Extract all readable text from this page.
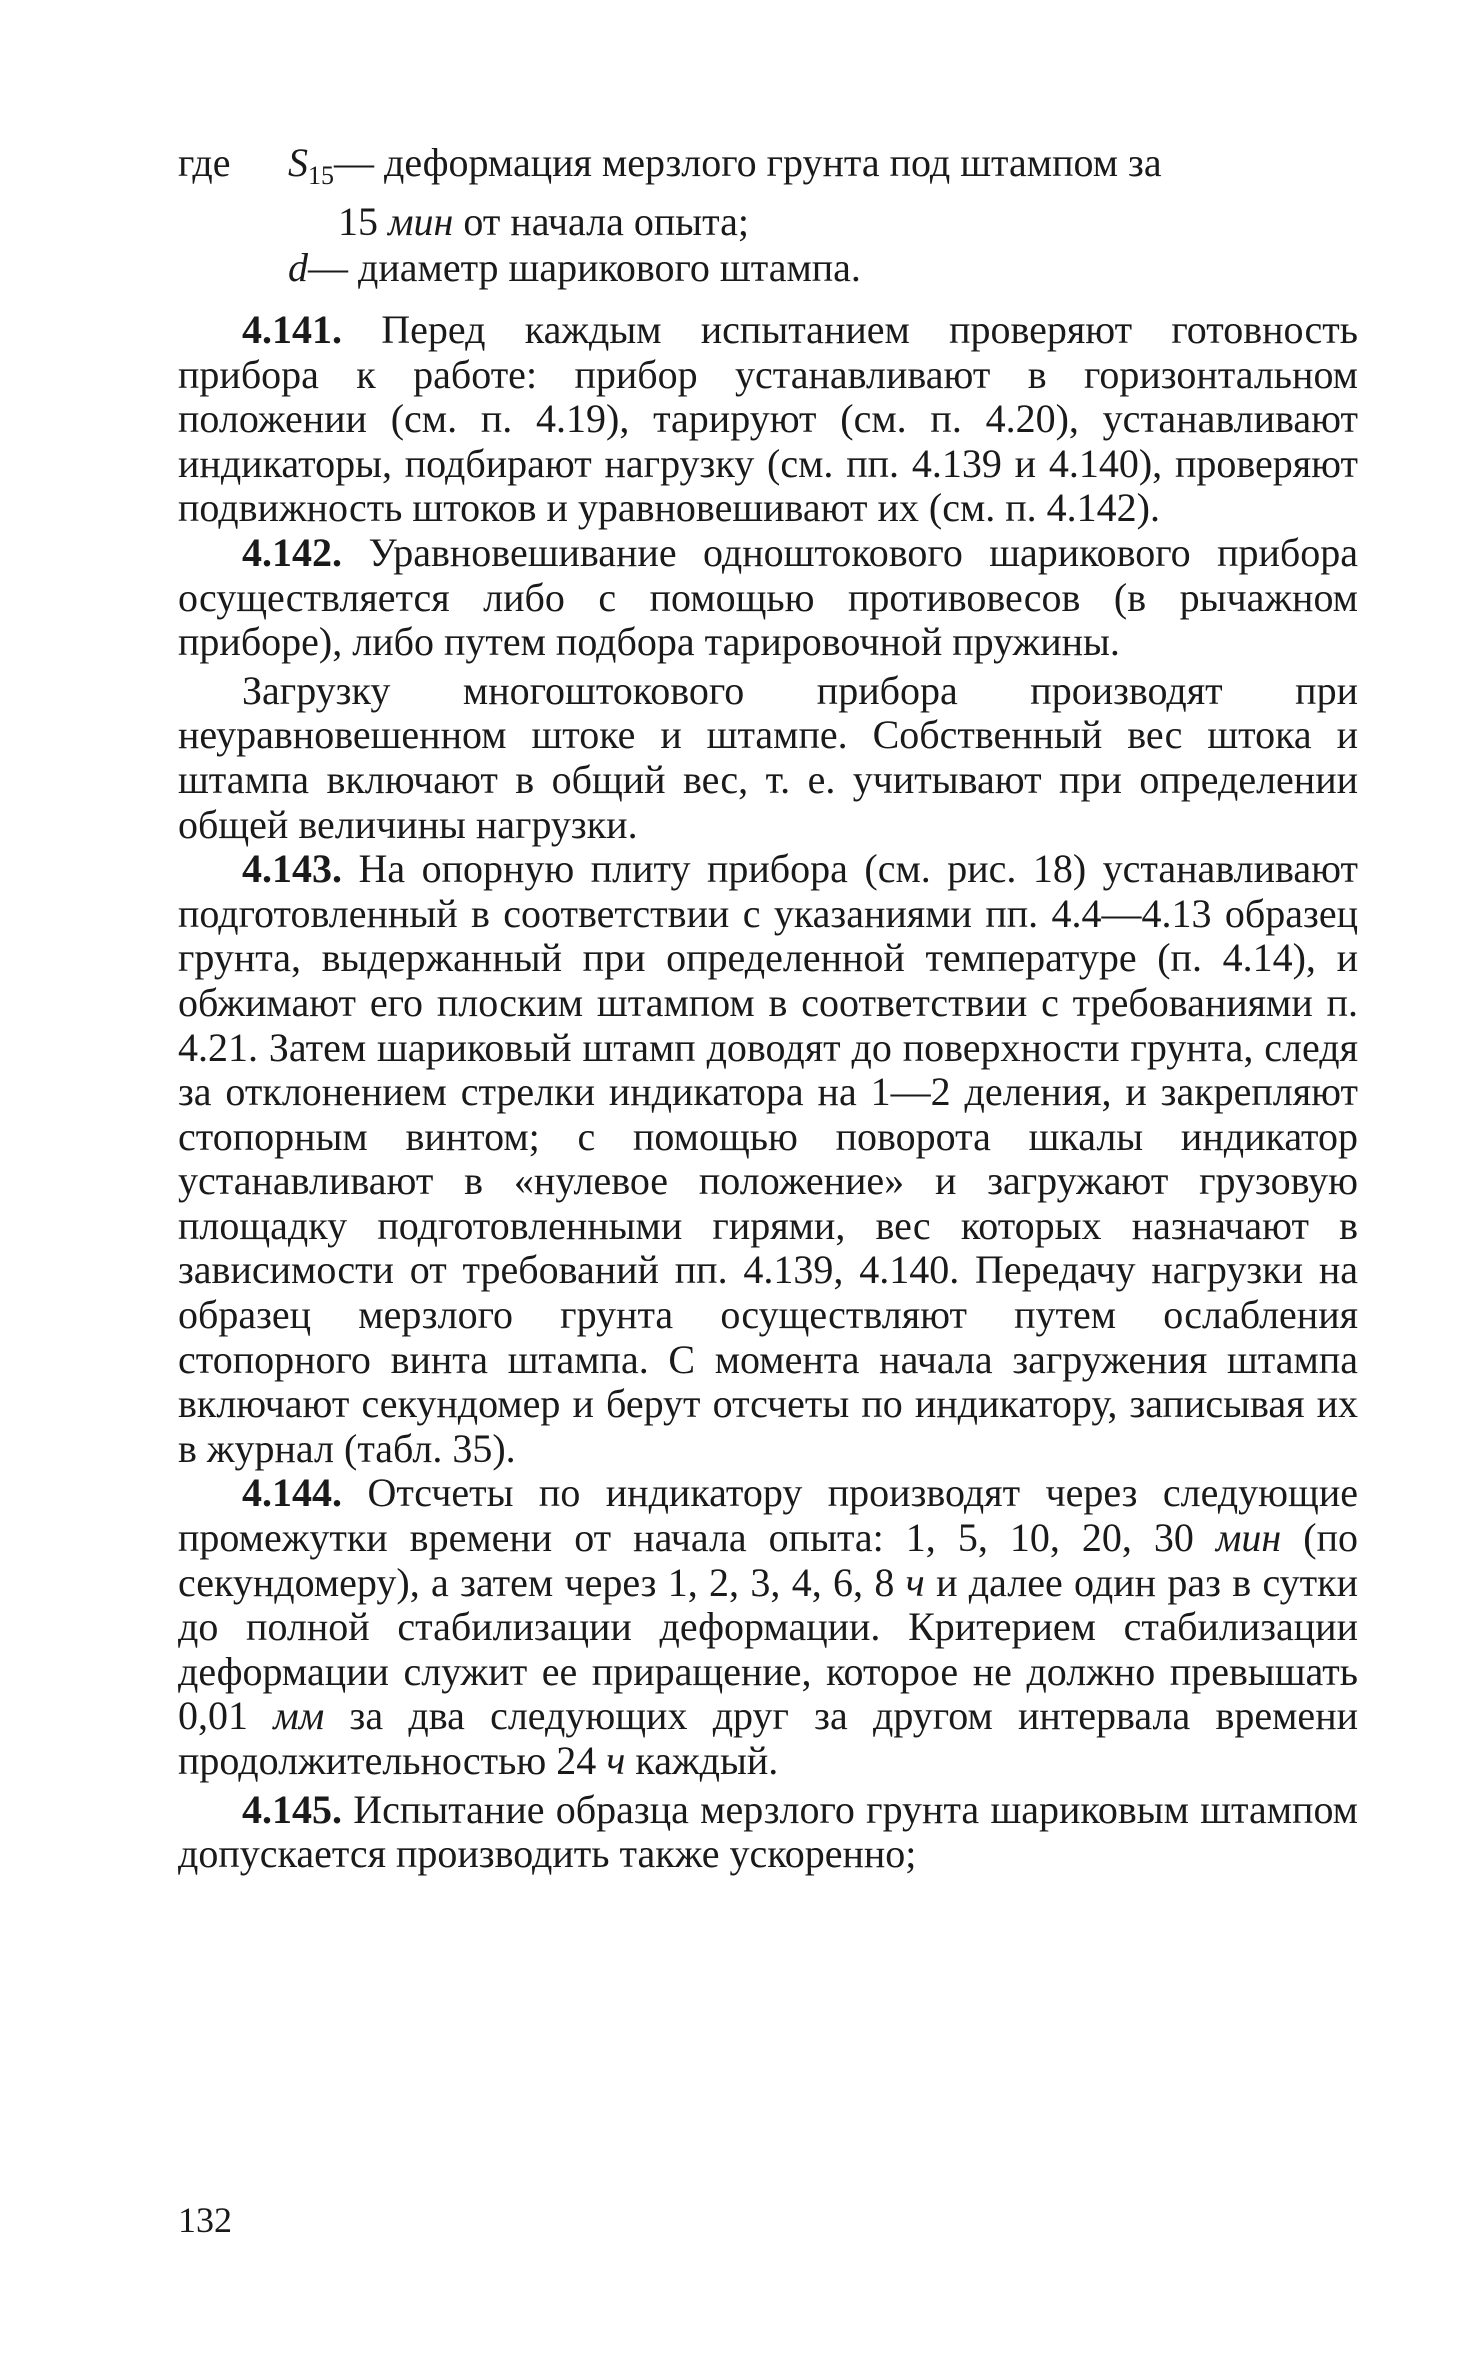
где $S_{15}—$ деформация мерзлого грунта под штампом за
15 мин от начала опыта;
d— диаметр шарикового штампа.

4.141. Перед каждым испытанием проверяют готовность прибора к работе: прибор устанавливают в горизонтальном положении (см. п. 4.19), тарируют (см. п. 4.20), устанавливают индикаторы, подбирают нагрузку (см. пп. 4.139 и 4.140), проверяют подвижность штоков и уравновешивают их (см. п. 4.142).

4.142. Уравновешивание одноштокового шарикового прибора осуществляется либо с помощью противовесов (в рычажном приборе), либо путем подбора тарировочной пружины.

Загрузку многоштокового прибора производят при неуравновешенном штоке и штампе. Собственный вес штока и штампа включают в общий вес, т. е. учитывают при определении общей величины нагрузки.

4.143. На опорную плиту прибора (см. рис. 18) устанавливают подготовленный в соответствии с указаниями пп. 4.4—4.13 образец грунта, выдержанный при определенной температуре (п. 4.14), и обжимают его плоским штампом в соответствии с требованиями п. 4.21. Затем шариковый штамп доводят до поверхности грунта, следя за отклонением стрелки индикатора на 1—2 деления, и закрепляют стопорным винтом; с помощью поворота шкалы индикатор устанавливают в «нулевое положение» и загружают грузовую площадку подготовленными гирями, вес которых назначают в зависимости от требований пп. 4.139, 4.140. Передачу нагрузки на образец мерзлого грунта осуществляют путем ослабления стопорного винта штампа. С момента начала загружения штампа включают секундомер и берут отсчеты по индикатору, записывая их в журнал (табл. 35).

4.144. Отсчеты по индикатору производят через следующие промежутки времени от начала опыта: 1, 5, 10, 20, 30 мин (по секундомеру), а затем через 1, 2, 3, 4, 6, 8 ч и далее один раз в сутки до полной стабилизации деформации. Критерием стабилизации деформации служит ее приращение, которое не должно превышать 0,01 мм за два следующих друг за другом интервала времени продолжительностью 24 ч каждый.

4.145. Испытание образца мерзлого грунта шариковым штампом допускается производить также ускоренно;

132
